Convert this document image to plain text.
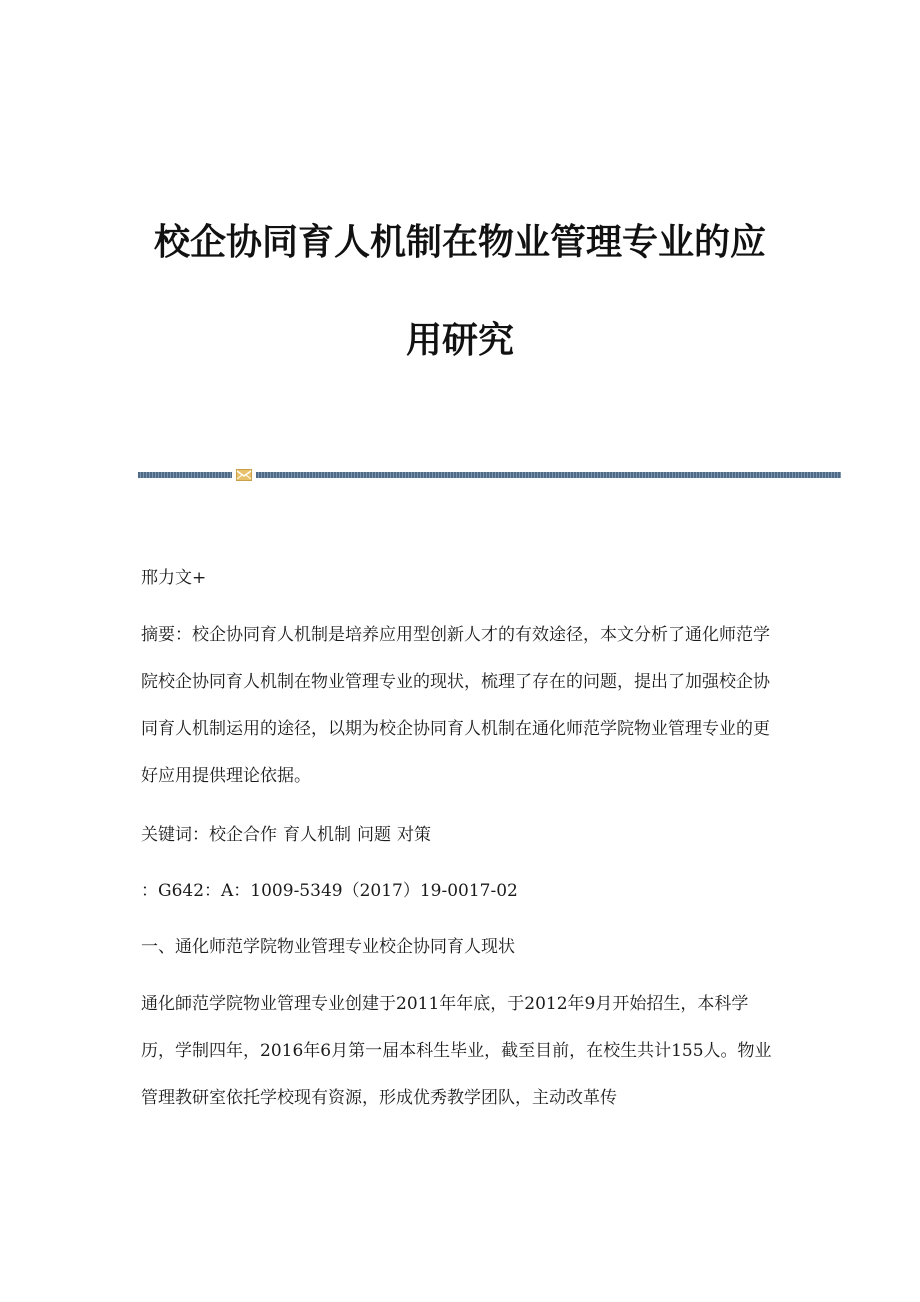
校企协同育人机制在物业管理专业的应
用研究

邢力文+

摘要：校企协同育人机制是培养应用型创新人才的有效途径，本文分析了通化师范学院校企协同育人机制在物业管理专业的现状，梳理了存在的问题，提出了加强校企协同育人机制运用的途径，以期为校企协同育人机制在通化师范学院物业管理专业的更好应用提供理论依据。

关键词：校企合作 育人机制 问题 对策

：G642：A：1009-5349（2017）19-0017-02

一、通化师范学院物业管理专业校企协同育人现状

通化師范学院物业管理专业创建于2011年年底，于2012年9月开始招生，本科学历，学制四年，2016年6月第一届本科生毕业，截至目前，在校生共计155人。物业管理教研室依托学校现有资源，形成优秀教学团队，主动改革传
